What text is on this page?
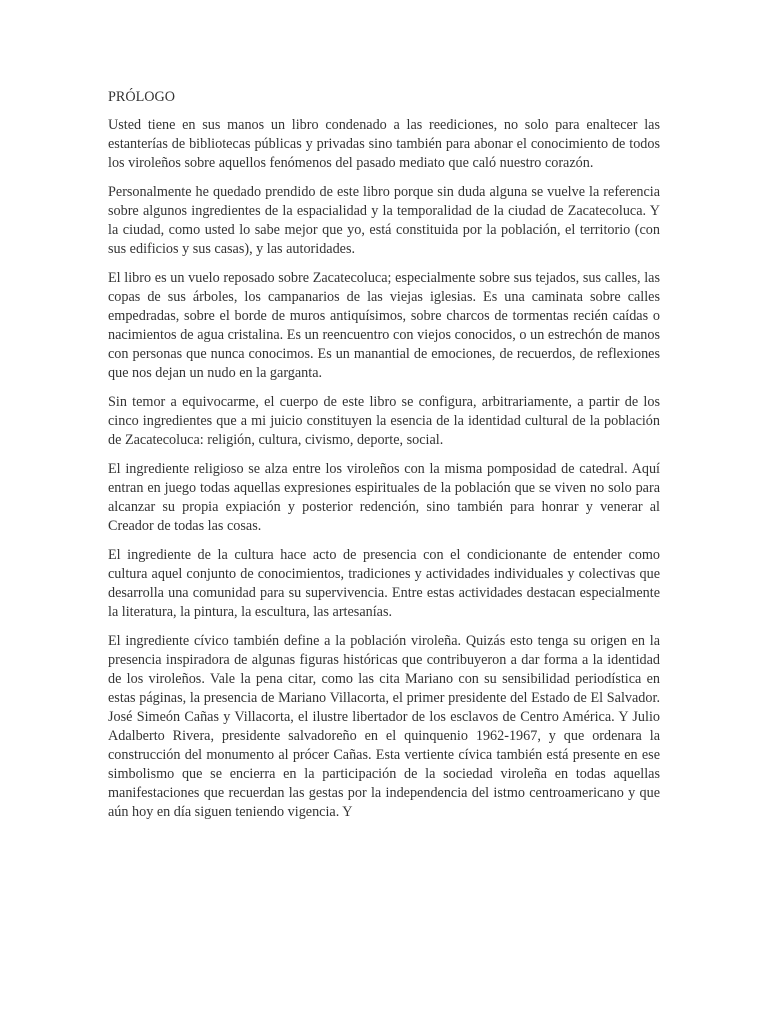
PRÓLOGO

Usted tiene en sus manos un libro condenado a las reediciones, no solo para enaltecer las estanterías de bibliotecas públicas y privadas sino también para abonar el conocimiento de todos los viroleños sobre aquellos fenómenos del pasado mediato que caló nuestro corazón.

Personalmente he quedado prendido de este libro porque sin duda alguna se vuelve la referencia sobre algunos ingredientes de la espacialidad y la temporalidad de la ciudad de Zacatecoluca. Y la ciudad, como usted lo sabe mejor que yo, está constituida por la población, el territorio (con sus edificios y sus casas), y las autoridades.

El libro es un vuelo reposado sobre Zacatecoluca; especialmente sobre sus tejados, sus calles, las copas de sus árboles, los campanarios de las viejas iglesias. Es una caminata sobre calles empedradas, sobre el borde de muros antiquísimos, sobre charcos de tormentas recién caídas o nacimientos de agua cristalina. Es un reencuentro con viejos conocidos, o un estrechón de manos con personas que nunca conocimos. Es un manantial de emociones, de recuerdos, de reflexiones que nos dejan un nudo en la garganta.

Sin temor a equivocarme, el cuerpo de este libro se configura, arbitrariamente, a partir de los cinco ingredientes que a mi juicio constituyen la esencia de la identidad cultural de la población de Zacatecoluca: religión, cultura, civismo, deporte, social.

El ingrediente religioso se alza entre los viroleños con la misma pomposidad de catedral. Aquí entran en juego todas aquellas expresiones espirituales de la población que se viven no solo para alcanzar su propia expiación y posterior redención, sino también para honrar y venerar al Creador de todas las cosas.

El ingrediente de la cultura hace acto de presencia con el condicionante de entender como cultura aquel conjunto de conocimientos, tradiciones y actividades individuales y colectivas que desarrolla una comunidad para su supervivencia. Entre estas actividades destacan especialmente la literatura, la pintura, la escultura, las artesanías.

El ingrediente cívico también define a la población viroleña. Quizás esto tenga su origen en la presencia inspiradora de algunas figuras históricas que contribuyeron a dar forma a la identidad de los viroleños. Vale la pena citar, como las cita Mariano con su sensibilidad periodística en estas páginas, la presencia de Mariano Villacorta, el primer presidente del Estado de El Salvador. José Simeón Cañas y Villacorta, el ilustre libertador de los esclavos de Centro América. Y Julio Adalberto Rivera, presidente salvadoreño en el quinquenio 1962-1967, y que ordenara la construcción del monumento al prócer Cañas. Esta vertiente cívica también está presente en ese simbolismo que se encierra en la participación de la sociedad viroleña en todas aquellas manifestaciones que recuerdan las gestas por la independencia del istmo centroamericano y que aún hoy en día siguen teniendo vigencia. Y
